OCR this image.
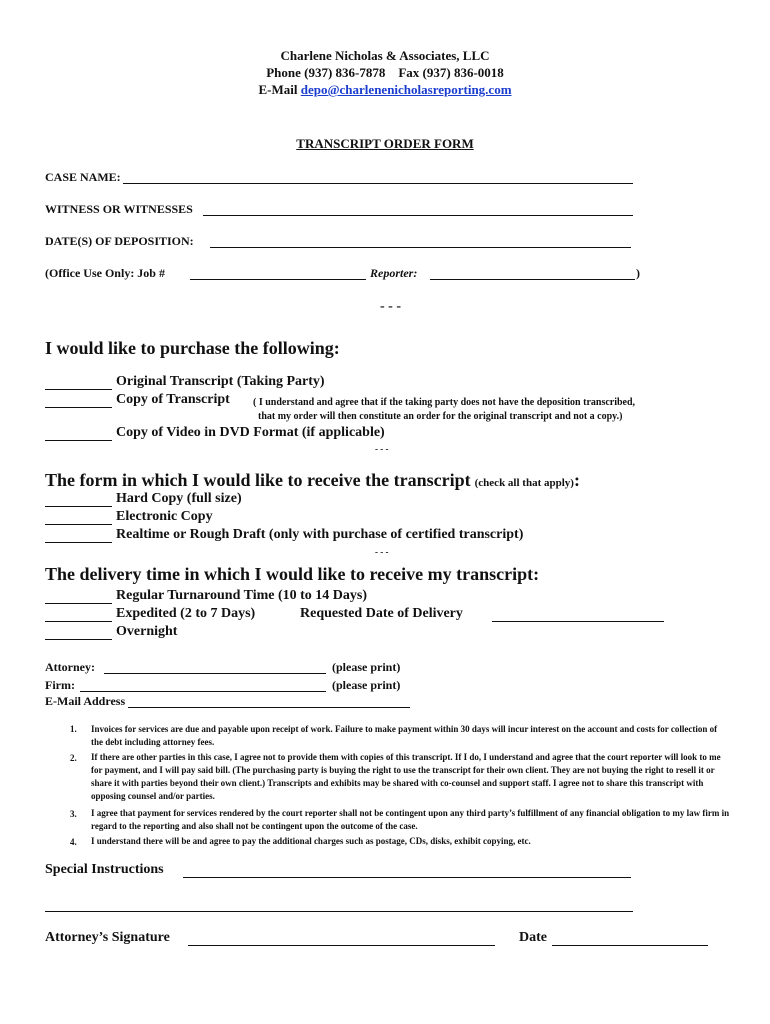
Charlene Nicholas & Associates, LLC
Phone (937) 836-7878 Fax (937) 836-0018
E-Mail depo@charlenenicholasreporting.com
TRANSCRIPT ORDER FORM
CASE NAME:
WITNESS OR WITNESSES
DATE(S) OF DEPOSITION:
(Office Use Only: Job #	Reporter:	)
- - -
I would like to purchase the following:
Original Transcript (Taking Party)
Copy of Transcript ( I understand and agree that if the taking party does not have the deposition transcribed,
that my order will then constitute an order for the original transcript and not a copy.)
Copy of Video in DVD Format (if applicable)
- - -
The form in which I would like to receive the transcript (check all that apply):
Hard Copy (full size)
Electronic Copy
Realtime or Rough Draft (only with purchase of certified transcript)
- - -
The delivery time in which I would like to receive my transcript:
Regular Turnaround Time (10 to 14 Days)
Expedited (2 to 7 Days)	Requested Date of Delivery
Overnight
Attorney:	(please print)
Firm:	(please print)
E-Mail Address
1. Invoices for services are due and payable upon receipt of work. Failure to make payment within 30 days will incur interest on the account and costs for collection of the debt including attorney fees.
2. If there are other parties in this case, I agree not to provide them with copies of this transcript. If I do, I understand and agree that the court reporter will look to me for payment, and I will pay said bill. (The purchasing party is buying the right to use the transcript for their own client. They are not buying the right to resell it or share it with parties beyond their own client.) Transcripts and exhibits may be shared with co-counsel and support staff. I agree not to share this transcript with opposing counsel and/or parties.
3. I agree that payment for services rendered by the court reporter shall not be contingent upon any third party’s fulfillment of any financial obligation to my law firm in regard to the reporting and also shall not be contingent upon the outcome of the case.
4. I understand there will be and agree to pay the additional charges such as postage, CDs, disks, exhibit copying, etc.
Special Instructions
Attorney’s Signature	Date
